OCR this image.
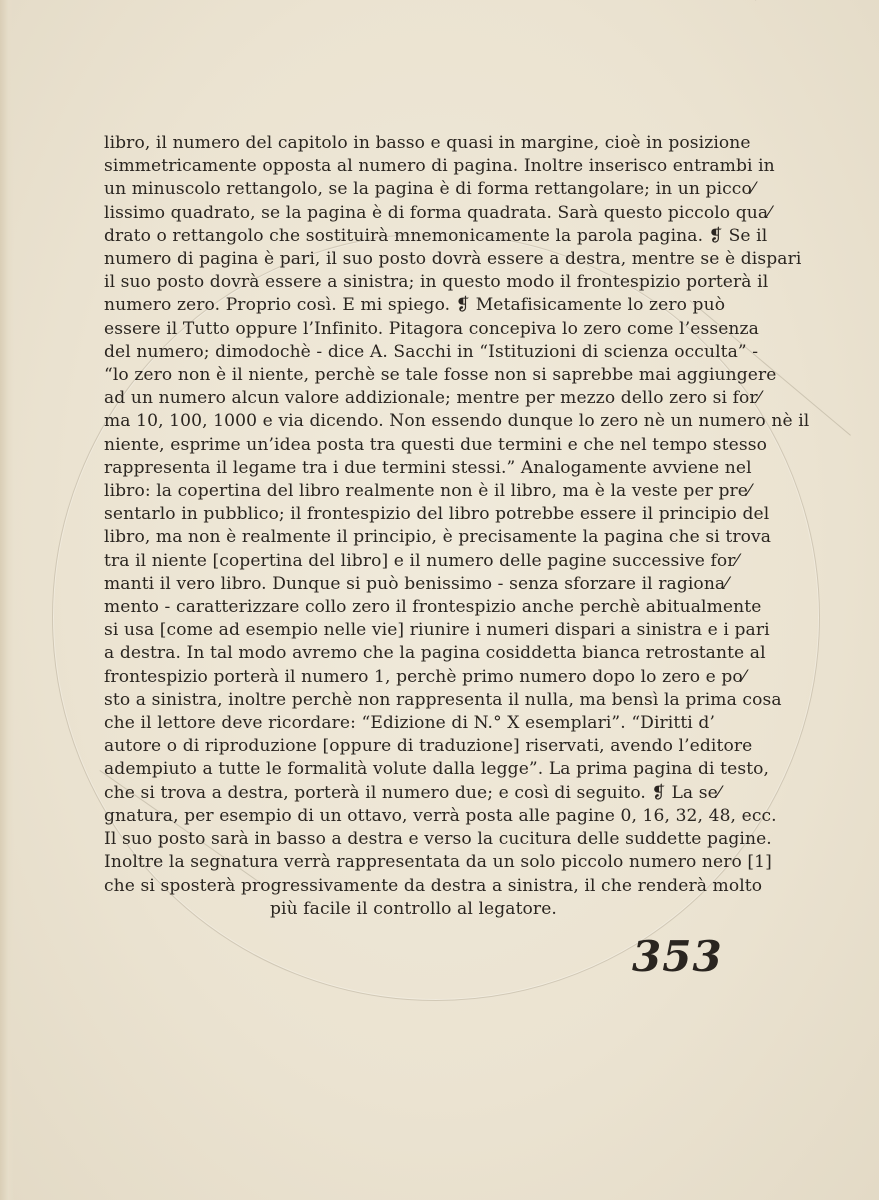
libro, il numero del capitolo in basso e quasi in margine, cioè in posizione
simmetricamente opposta al numero di pagina. Inoltre inserisco entrambi in
un minuscolo rettangolo, se la pagina è di forma rettangolare; in un picco⁄
lissimo quadrato, se la pagina è di forma quadrata. Sarà questo piccolo qua⁄
drato o rettangolo che sostituirà mnemonicamente la parola pagina. ❡ Se il
numero di pagina è pari, il suo posto dovrà essere a destra, mentre se è dispari
il suo posto dovrà essere a sinistra; in questo modo il frontespizio porterà il
numero zero. Proprio così. E mi spiego. ❡ Metafisicamente lo zero può
essere il Tutto oppure l’Infinito. Pitagora concepiva lo zero come l’essenza
del numero; dimodochè - dice A. Sacchi in “Istituzioni di scienza occulta” -
“lo zero non è il niente, perchè se tale fosse non si saprebbe mai aggiungere
ad un numero alcun valore addizionale; mentre per mezzo dello zero si for⁄
ma 10, 100, 1000 e via dicendo. Non essendo dunque lo zero nè un numero nè il
niente, esprime un’idea posta tra questi due termini e che nel tempo stesso
rappresenta il legame tra i due termini stessi.” Analogamente avviene nel
libro: la copertina del libro realmente non è il libro, ma è la veste per pre⁄
sentarlo in pubblico; il frontespizio del libro potrebbe essere il principio del
libro, ma non è realmente il principio, è precisamente la pagina che si trova
tra il niente [copertina del libro] e il numero delle pagine successive for⁄
manti il vero libro. Dunque si può benissimo - senza sforzare il ragiona⁄
mento - caratterizzare collo zero il frontespizio anche perchè abitualmente
si usa [come ad esempio nelle vie] riunire i numeri dispari a sinistra e i pari
a destra. In tal modo avremo che la pagina cosiddetta bianca retrostante al
frontespizio porterà il numero 1, perchè primo numero dopo lo zero e po⁄
sto a sinistra, inoltre perchè non rappresenta il nulla, ma bensì la prima cosa
che il lettore deve ricordare: “Edizione di N.° X esemplari”. “Diritti d’
autore o di riproduzione [oppure di traduzione] riservati, avendo l’editore
adempiuto a tutte le formalità volute dalla legge”. La prima pagina di testo,
che si trova a destra, porterà il numero due; e così di seguito. ❡ La se⁄
gnatura, per esempio di un ottavo, verrà posta alle pagine 0, 16, 32, 48, ecc.
Il suo posto sarà in basso a destra e verso la cucitura delle suddette pagine.
Inoltre la segnatura verrà rappresentata da un solo piccolo numero nero [1]
che si sposterà progressivamente da destra a sinistra, il che renderà molto
più facile il controllo al legatore.
353
